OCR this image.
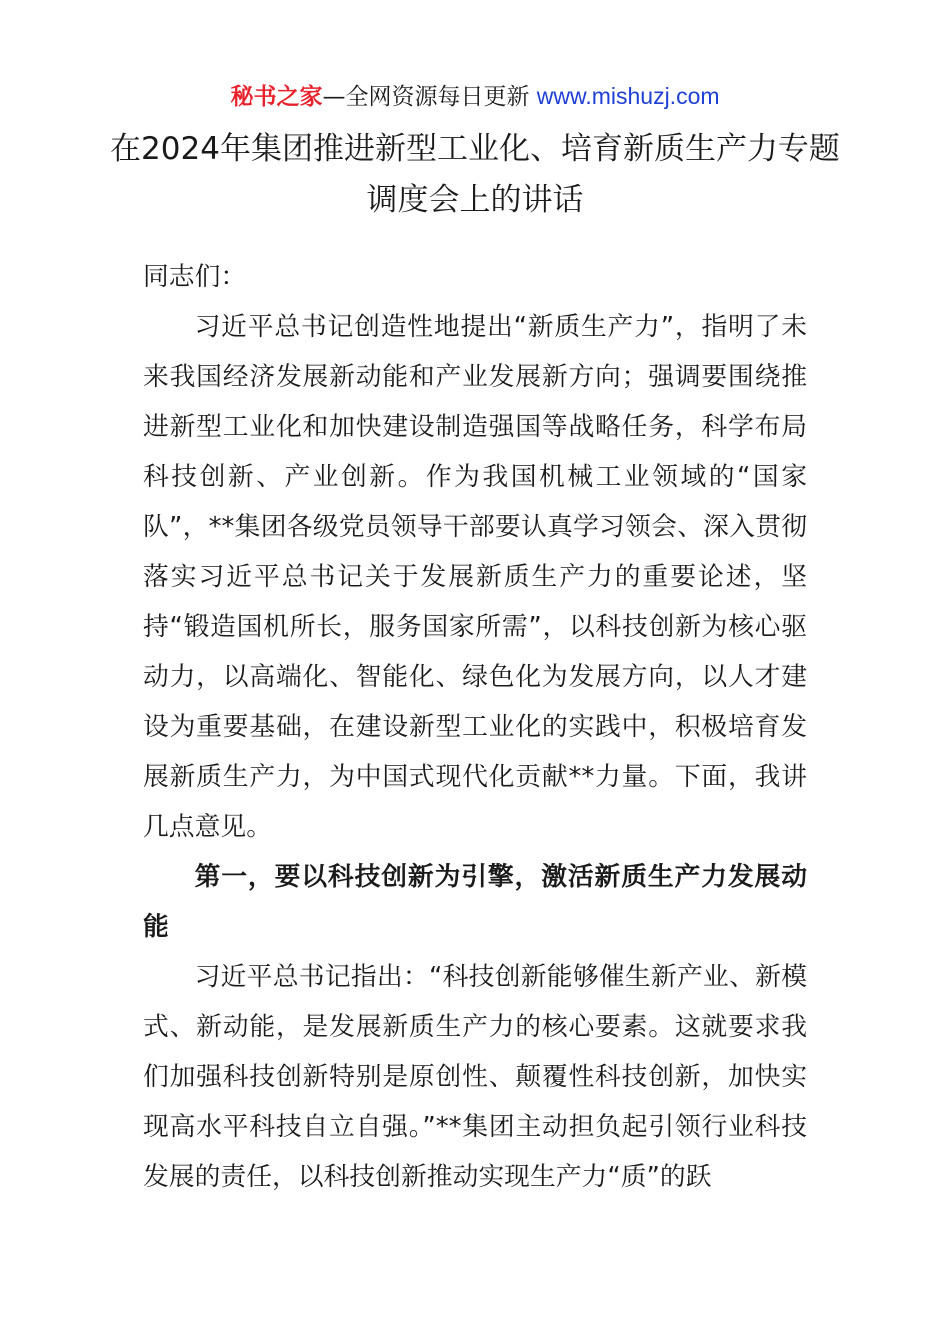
秘书之家—全网资源每日更新 www.mishuzj.com
在2024年集团推进新型工业化、培育新质生产力专题调度会上的讲话

同志们：

习近平总书记创造性地提出“新质生产力”，指明了未来我国经济发展新动能和产业发展新方向；强调要围绕推进新型工业化和加快建设制造强国等战略任务，科学布局科技创新、产业创新。作为我国机械工业领域的“国家队”，**集团各级党员领导干部要认真学习领会、深入贯彻落实习近平总书记关于发展新质生产力的重要论述，坚持“锻造国机所长，服务国家所需”，以科技创新为核心驱动力，以高端化、智能化、绿色化为发展方向，以人才建设为重要基础，在建设新型工业化的实践中，积极培育发展新质生产力，为中国式现代化贡献**力量。下面，我讲几点意见。

第一，要以科技创新为引擎，激活新质生产力发展动能

习近平总书记指出：“科技创新能够催生新产业、新模式、新动能，是发展新质生产力的核心要素。这就要求我们加强科技创新特别是原创性、颠覆性科技创新，加快实现高水平科技自立自强。”**集团主动担负起引领行业科技发展的责任，以科技创新推动实现生产力“质”的跃
